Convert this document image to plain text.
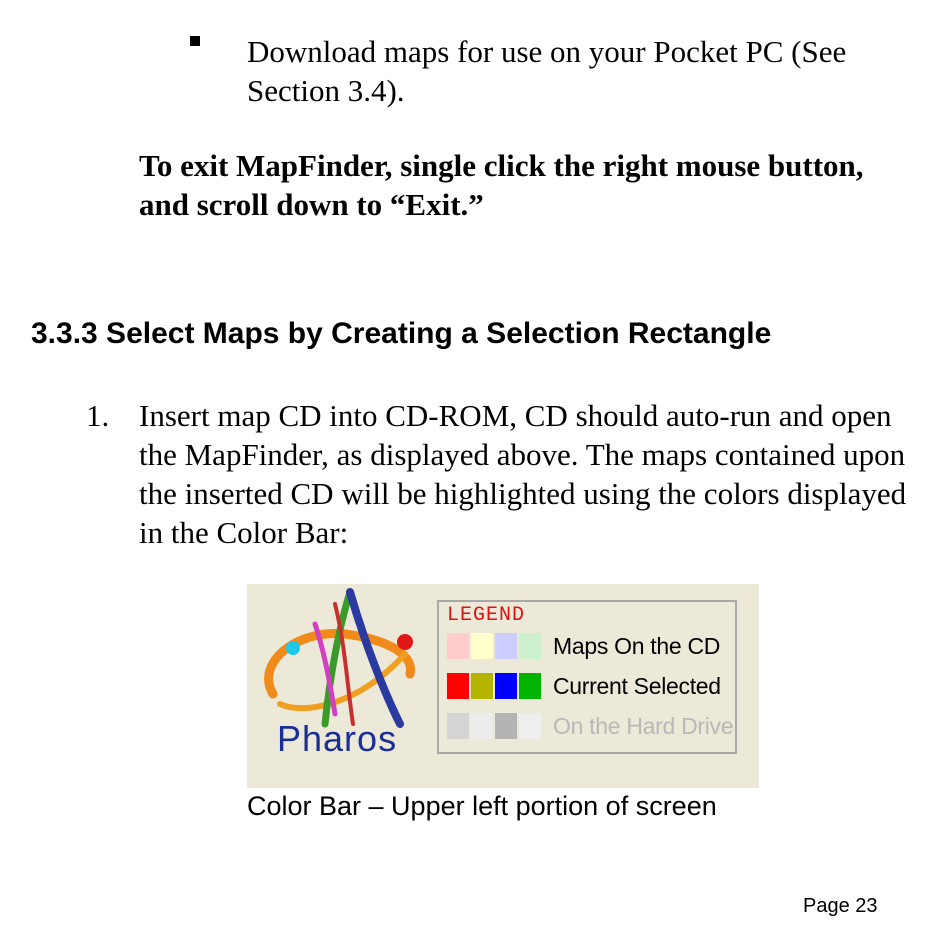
Download maps for use on your Pocket PC (See Section 3.4).
To exit MapFinder, single click the right mouse button, and scroll down to “Exit.”
3.3.3 Select Maps by Creating a Selection Rectangle
1. Insert map CD into CD-ROM, CD should auto-run and open the MapFinder, as displayed above. The maps contained upon the inserted CD will be highlighted using the colors displayed in the Color Bar:
Pharos
LEGEND
Maps On the CD
Current Selected
On the Hard Drive
Color Bar – Upper left portion of screen
Page 23
